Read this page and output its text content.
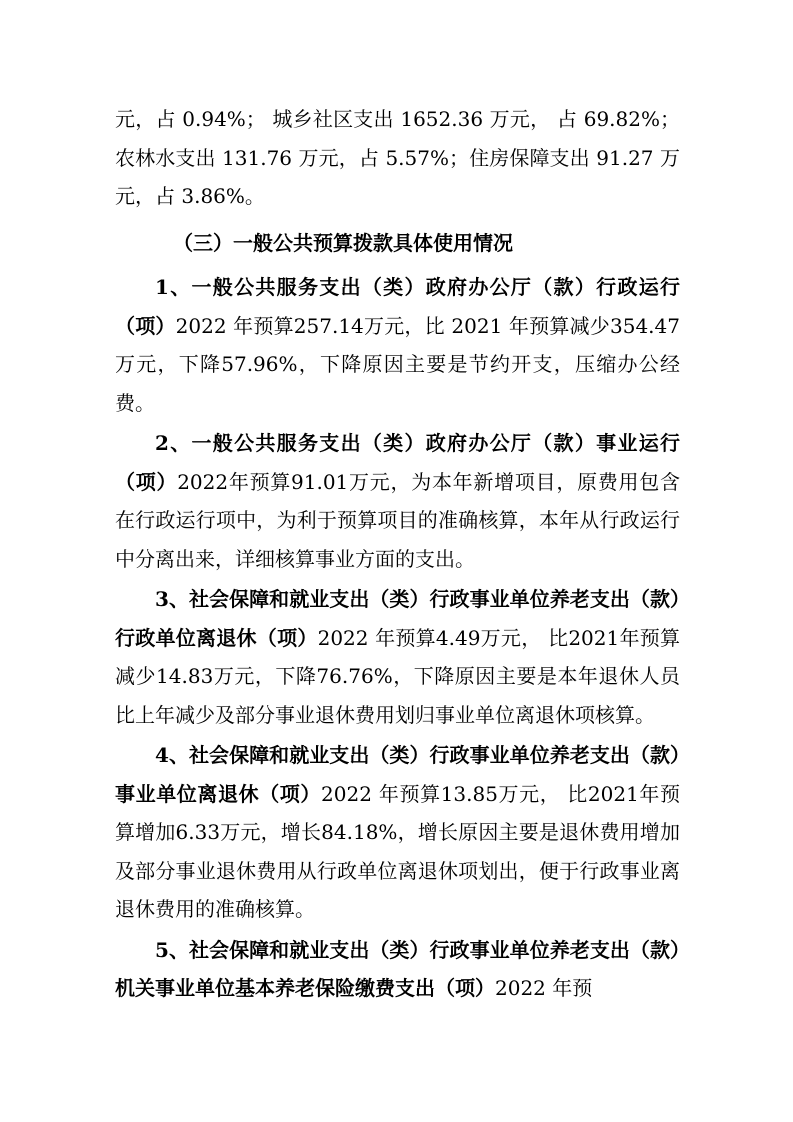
元，占 0.94%； 城乡社区支出 1652.36 万元， 占 69.82%； 农林水支出 131.76 万元，占 5.57%；住房保障支出 91.27 万元，占 3.86%。

（三）一般公共预算拨款具体使用情况

1、一般公共服务支出（类）政府办公厅（款）行政运行（项）2022 年预算257.14万元，比 2021 年预算减少354.47万元，下降57.96%，下降原因主要是节约开支，压缩办公经费。

2、一般公共服务支出（类）政府办公厅（款）事业运行（项）2022年预算91.01万元，为本年新增项目，原费用包含在行政运行项中，为利于预算项目的准确核算，本年从行政运行中分离出来，详细核算事业方面的支出。

3、社会保障和就业支出（类）行政事业单位养老支出（款）行政单位离退休（项）2022 年预算4.49万元， 比2021年预算减少14.83万元，下降76.76%，下降原因主要是本年退休人员比上年减少及部分事业退休费用划归事业单位离退休项核算。

4、社会保障和就业支出（类）行政事业单位养老支出（款）事业单位离退休（项）2022 年预算13.85万元， 比2021年预算增加6.33万元，增长84.18%，增长原因主要是退休费用增加及部分事业退休费用从行政单位离退休项划出，便于行政事业离退休费用的准确核算。

5、社会保障和就业支出（类）行政事业单位养老支出（款）机关事业单位基本养老保险缴费支出（项）2022 年预
